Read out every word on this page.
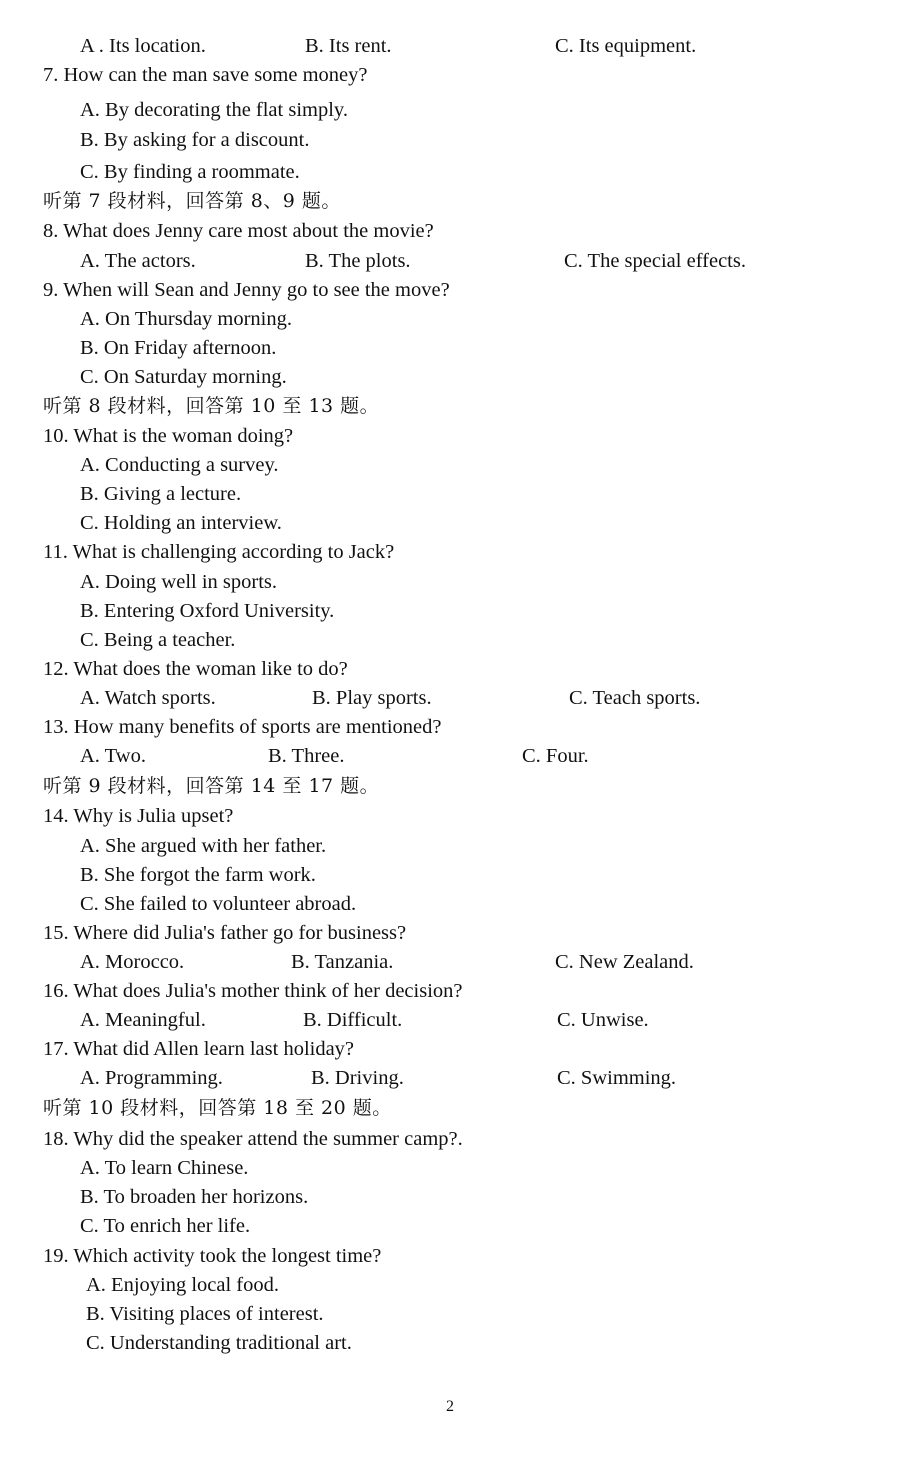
A . Its location.	B. Its rent.	C. Its equipment.
7. How can the man save some money?
A. By decorating the flat simply.
B. By asking for a discount.
C. By finding a roommate.
听第 7 段材料，回答第 8、9 题。
8. What does Jenny care most about the movie?
A. The actors.	B. The plots.	C. The special effects.
9. When will Sean and Jenny go to see the move?
A. On Thursday morning.
B. On Friday afternoon.
C. On Saturday morning.
听第 8 段材料，回答第 10 至 13 题。
10. What is the woman doing?
A. Conducting a survey.
B. Giving a lecture.
C. Holding an interview.
11. What is challenging according to Jack?
A. Doing well in sports.
B. Entering Oxford University.
C. Being a teacher.
12. What does the woman like to do?
A. Watch sports.	B. Play sports.	C. Teach sports.
13. How many benefits of sports are mentioned?
A. Two.	B. Three.	C. Four.
听第 9 段材料，回答第 14 至 17 题。
14. Why is Julia upset?
A. She argued with her father.
B. She forgot the farm work.
C. She failed to volunteer abroad.
15. Where did Julia's father go for business?
A. Morocco.	B. Tanzania.	C. New Zealand.
16. What does Julia's mother think of her decision?
A. Meaningful.	B. Difficult.	C. Unwise.
17. What did Allen learn last holiday?
A. Programming.	B. Driving.	C. Swimming.
听第 10 段材料，回答第 18 至 20 题。
18. Why did the speaker attend the summer camp?.
A. To learn Chinese.
B. To broaden her horizons.
C. To enrich her life.
19. Which activity took the longest time?
A. Enjoying local food.
B. Visiting places of interest.
C. Understanding traditional art.
2
